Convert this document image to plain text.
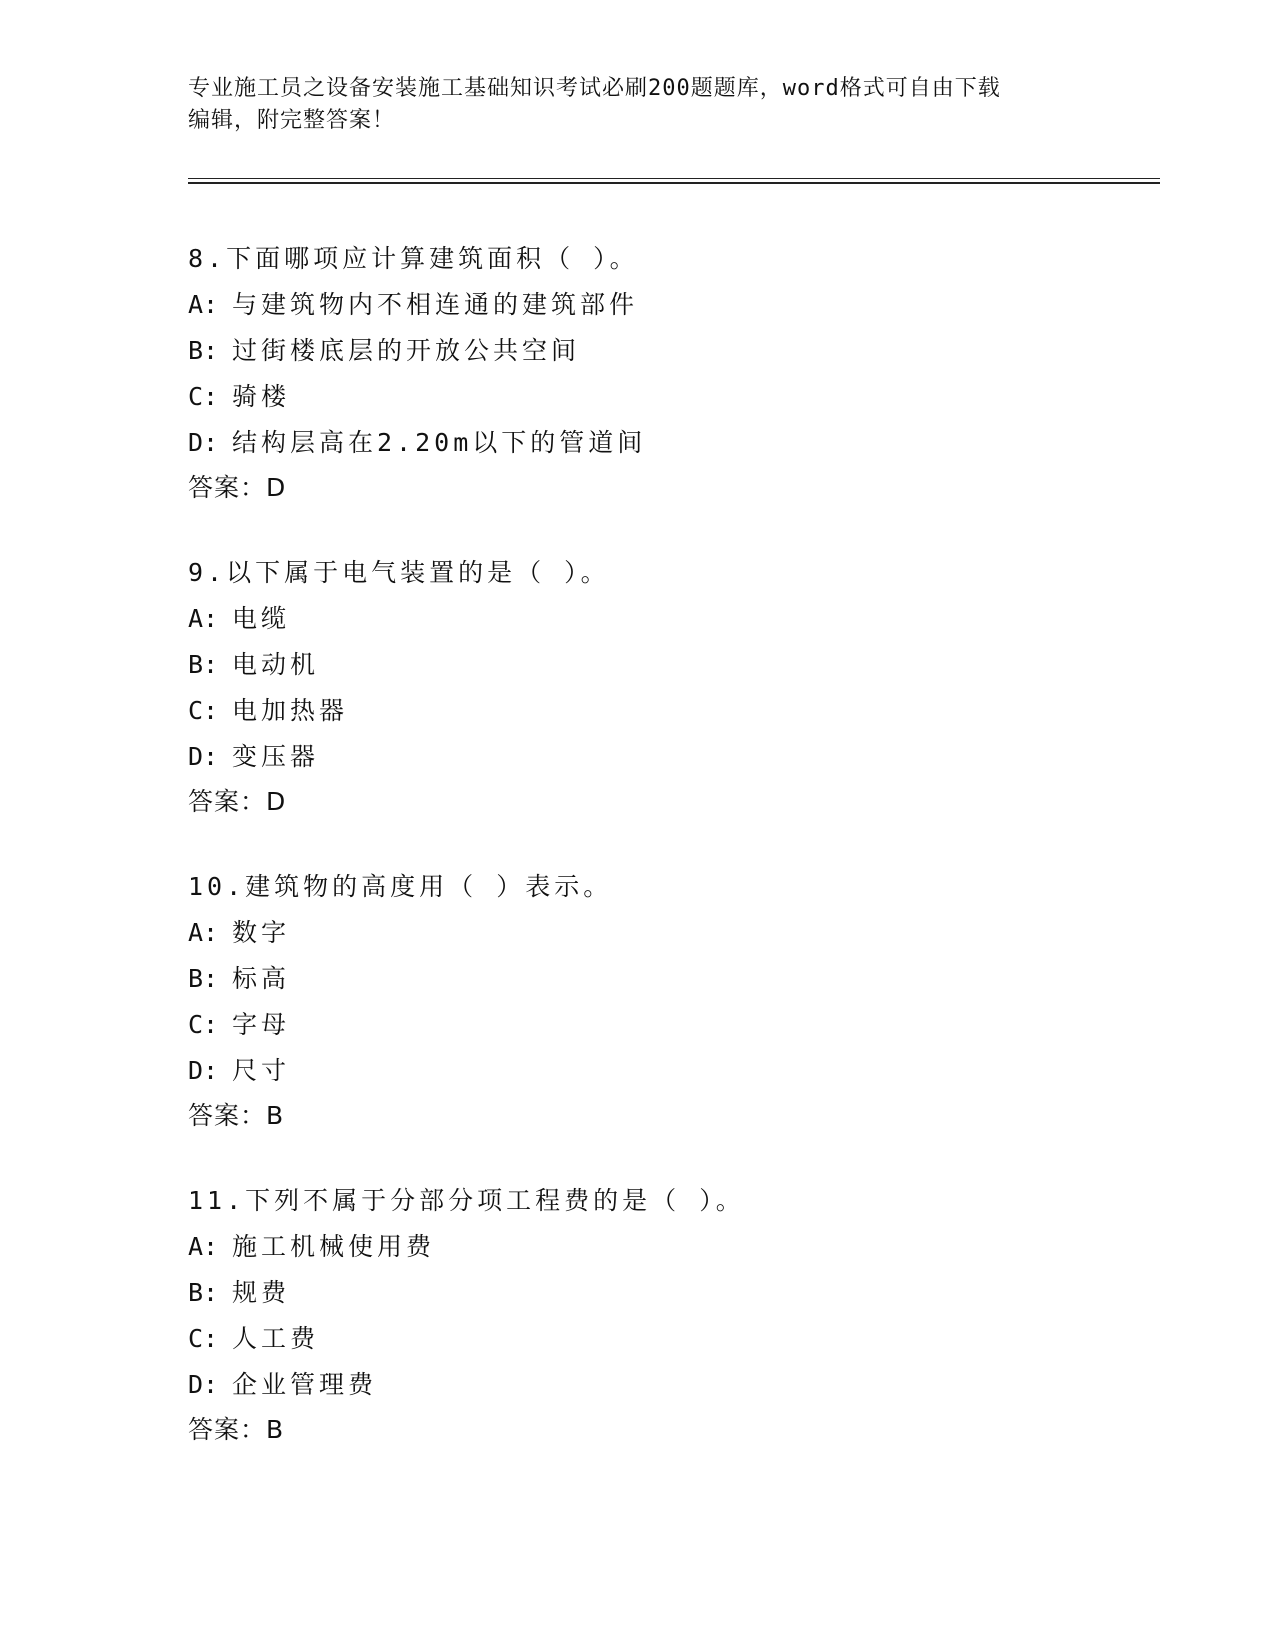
专业施工员之设备安装施工基础知识考试必刷200题题库，word格式可自由下载
编辑，附完整答案！
8.下面哪项应计算建筑面积（ ）。
A: 与建筑物内不相连通的建筑部件
B: 过街楼底层的开放公共空间
C: 骑楼
D: 结构层高在2.20m以下的管道间
答案：D
9.以下属于电气装置的是（ ）。
A: 电缆
B: 电动机
C: 电加热器
D: 变压器
答案：D
10.建筑物的高度用（ ）表示。
A: 数字
B: 标高
C: 字母
D: 尺寸
答案：B
11.下列不属于分部分项工程费的是（ ）。
A: 施工机械使用费
B: 规费
C: 人工费
D: 企业管理费
答案：B
